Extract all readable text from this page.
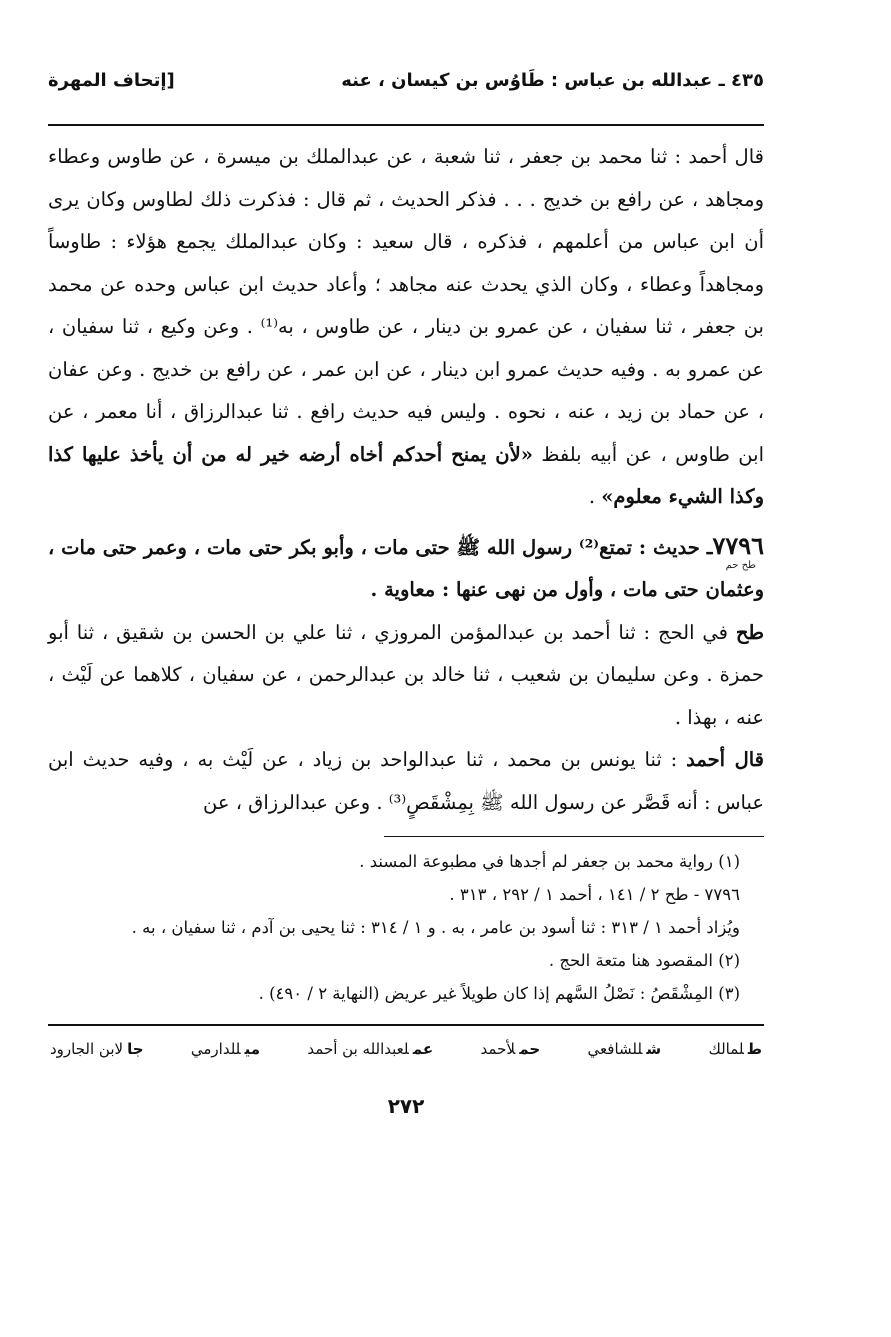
٤٣٥ ـ عبدالله بن عباس : طَاوُس بن كيسان ، عنه
[إتحاف المهرة

قال أحمد : ثنا محمد بن جعفر ، ثنا شعبة ، عن عبدالملك بن ميسرة ، عن طاوس وعطاء ومجاهد ، عن رافع بن خديج . . . فذكر الحديث ، ثم قال : فذكرت ذلك لطاوس وكان يرى أن ابن عباس من أعلمهم ، فذكره ، قال سعيد : وكان عبدالملك يجمع هؤلاء : طاوساً ومجاهداً وعطاء ، وكان الذي يحدث عنه مجاهد ؛ وأعاد حديث ابن عباس وحده عن محمد بن جعفر ، ثنا سفيان ، عن عمرو بن دينار ، عن طاوس ، به⁽¹⁾ . وعن وكيع ، ثنا سفيان ، عن عمرو به . وفيه حديث عمرو ابن دينار ، عن ابن عمر ، عن رافع بن خديج . وعن عفان ، عن حماد بن زيد ، عنه ، نحوه . وليس فيه حديث رافع . ثنا عبدالرزاق ، أنا معمر ، عن ابن طاوس ، عن أبيه بلفظ «لأن يمنح أحدكم أخاه أرضه خير له من أن يأخذ عليها كذا وكذا الشيء معلوم» .

٧٧٩٦ـ حديث : تمتع⁽²⁾ رسول الله ﷺ حتى مات ، وأبو بكر حتى مات ، وعمر حتى مات ، وعثمان حتى مات ، وأول من نهى عنها : معاوية .

طح حم

طح في الحج : ثنا أحمد بن عبدالمؤمن المروزي ، ثنا علي بن الحسن بن شقيق ، ثنا أبو حمزة . وعن سليمان بن شعيب ، ثنا خالد بن عبدالرحمن ، عن سفيان ، كلاهما عن لَيْث ، عنه ، بهذا .

قال أحمد : ثنا يونس بن محمد ، ثنا عبدالواحد بن زياد ، عن لَيْث به ، وفيه حديث ابن عباس : أنه قَصَّر عن رسول الله ﷺ بِمِشْقَصٍ⁽³⁾ . وعن عبدالرزاق ، عن

(١) رواية محمد بن جعفر لم أجدها في مطبوعة المسند .

٧٧٩٦ - طح ٢ / ١٤١ ، أحمد ١ / ٢٩٢ ، ٣١٣ .

ويُزاد أحمد ١ / ٣١٣ : ثنا أسود بن عامر ، به . و ١ / ٣١٤ : ثنا يحيى بن آدم ، ثنا سفيان ، به .

(٢) المقصود هنا متعة الحج .

(٣) المِشْقَصُ : نَصْلُ السَّهم إذا كان طويلاً غير عريض (النهاية ٢ / ٤٩٠) .

طلمالك
شللشافعي
حملأحمد
عملعبدالله بن أحمد
ميللدارمي
جالابن الجارود
٢٧٢
